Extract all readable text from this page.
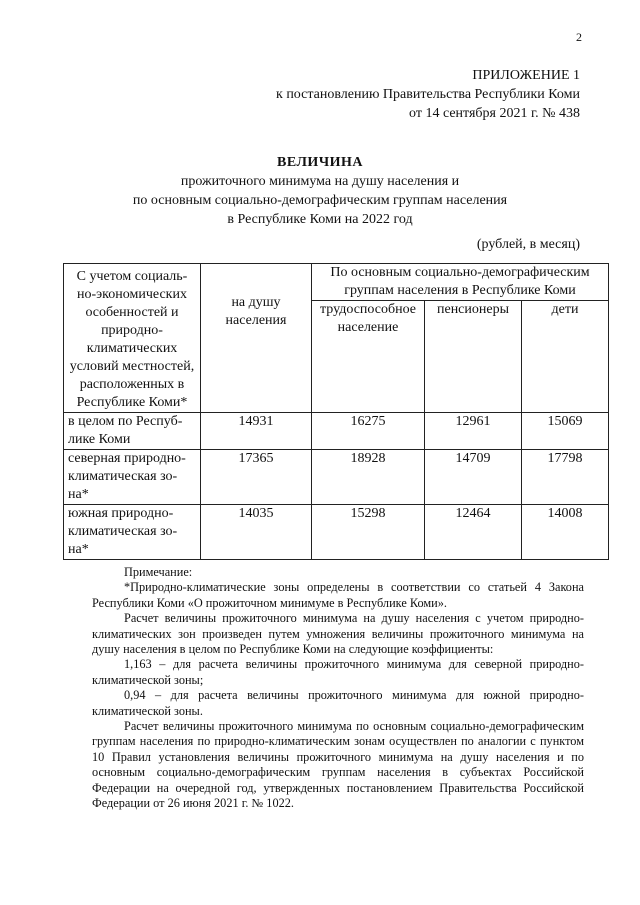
2
ПРИЛОЖЕНИЕ 1
к постановлению Правительства Республики Коми
от 14 сентября 2021 г. № 438
ВЕЛИЧИНА
прожиточного минимума на душу населения и
по основным социально-демографическим группам населения
в Республике Коми на 2022 год
(рублей, в месяц)
С учетом социаль-но-экономических особенностей и природно-климатических условий местностей, расположенных в Республике Коми*	на душу населения	По основным социально-демографическим группам населения в Республике Коми		
		трудоспособное население	пенсионеры	дети
в целом по Респуб-лике Коми	14931	16275	12961	15069
северная природно-климатическая зо-на*	17365	18928	14709	17798
южная природно-климатическая зо-на*	14035	15298	12464	14008

Примечание:

*Природно-климатические зоны определены в соответствии со статьей 4 Закона Республики Коми «О прожиточном минимуме в Республике Коми».

Расчет величины прожиточного минимума на душу населения с учетом природно-климатических зон произведен путем умножения величины прожиточного минимума на душу населения в целом по Республике Коми на следующие коэффициенты:

1,163 – для расчета величины прожиточного минимума для северной природно-климатической зоны;

0,94 – для расчета величины прожиточного минимума для южной природно-климатической зоны.

Расчет величины прожиточного минимума по основным социально-демографическим группам населения по природно-климатическим зонам осуществлен по аналогии с пунктом 10 Правил установления величины прожиточного минимума на душу населения и по основным социально-демографическим группам населения в субъектах Российской Федерации на очередной год, утвержденных постановлением Правительства Российской Федерации от 26 июня 2021 г. № 1022.
